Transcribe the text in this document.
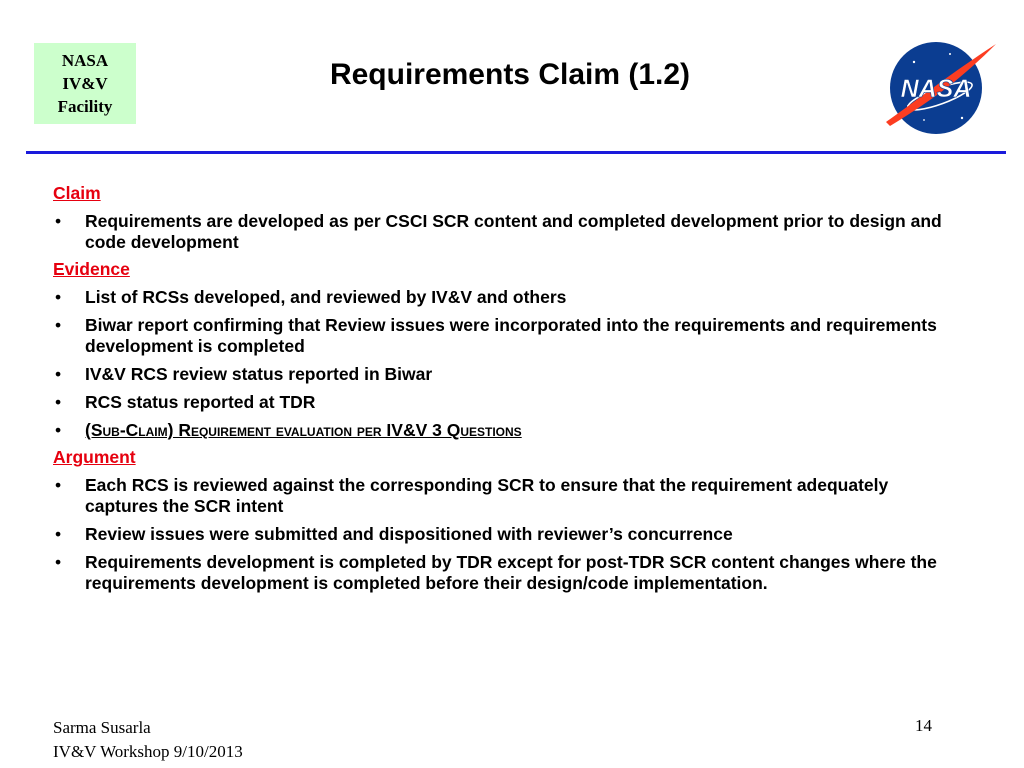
NASA
IV&V
Facility
Requirements Claim (1.2)	NASA
Claim
• Requirements are developed as per CSCI SCR content and completed development prior to design and code development
Evidence
• List of RCSs developed, and reviewed by IV&V and others
• Biwar report confirming that Review issues were incorporated into the requirements and requirements development is completed
• IV&V RCS review status reported in Biwar
• RCS status reported at TDR
• (Sub-Claim) Requirement evaluation per IV&V 3 Questions
Argument
• Each RCS is reviewed against the corresponding SCR to ensure that the requirement adequately captures the SCR intent
• Review issues were submitted and dispositioned with reviewer’s concurrence
• Requirements development is completed by TDR except for post-TDR SCR content changes where the requirements development is completed before their design/code implementation.
Sarma Susarla
IV&V Workshop 9/10/2013
14
